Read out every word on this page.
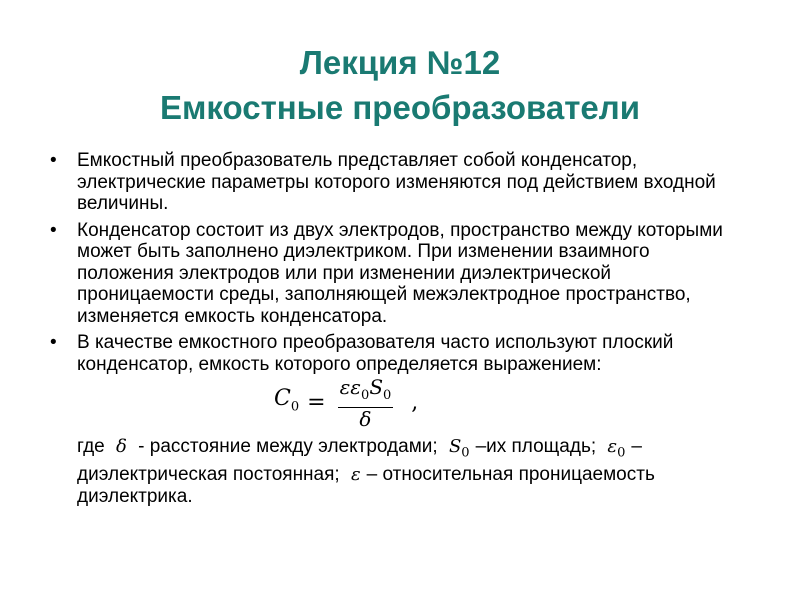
Лекция №12
Емкостные преобразователи
•	Емкостный преобразователь представляет собой конденсатор, электрические параметры которого изменяются под действием входной величины.
•	Конденсатор состоит из двух электродов, пространство между которыми может быть заполнено диэлектриком. При изменении взаимного положения электродов или при изменении диэлектрической проницаемости среды, заполняющей межэлектродное пространство, изменяется емкость конденсатора.
•	В качестве емкостного преобразователя часто используют плоский конденсатор, емкость которого определяется выражением:
$C_0 = \frac{\varepsilon\varepsilon_0S_0}{\delta}$ ,
где δ - расстояние между электродами; $S_0$ –их площадь; $\varepsilon_0$ – диэлектрическая постоянная; ε – относительная проницаемость диэлектрика.
